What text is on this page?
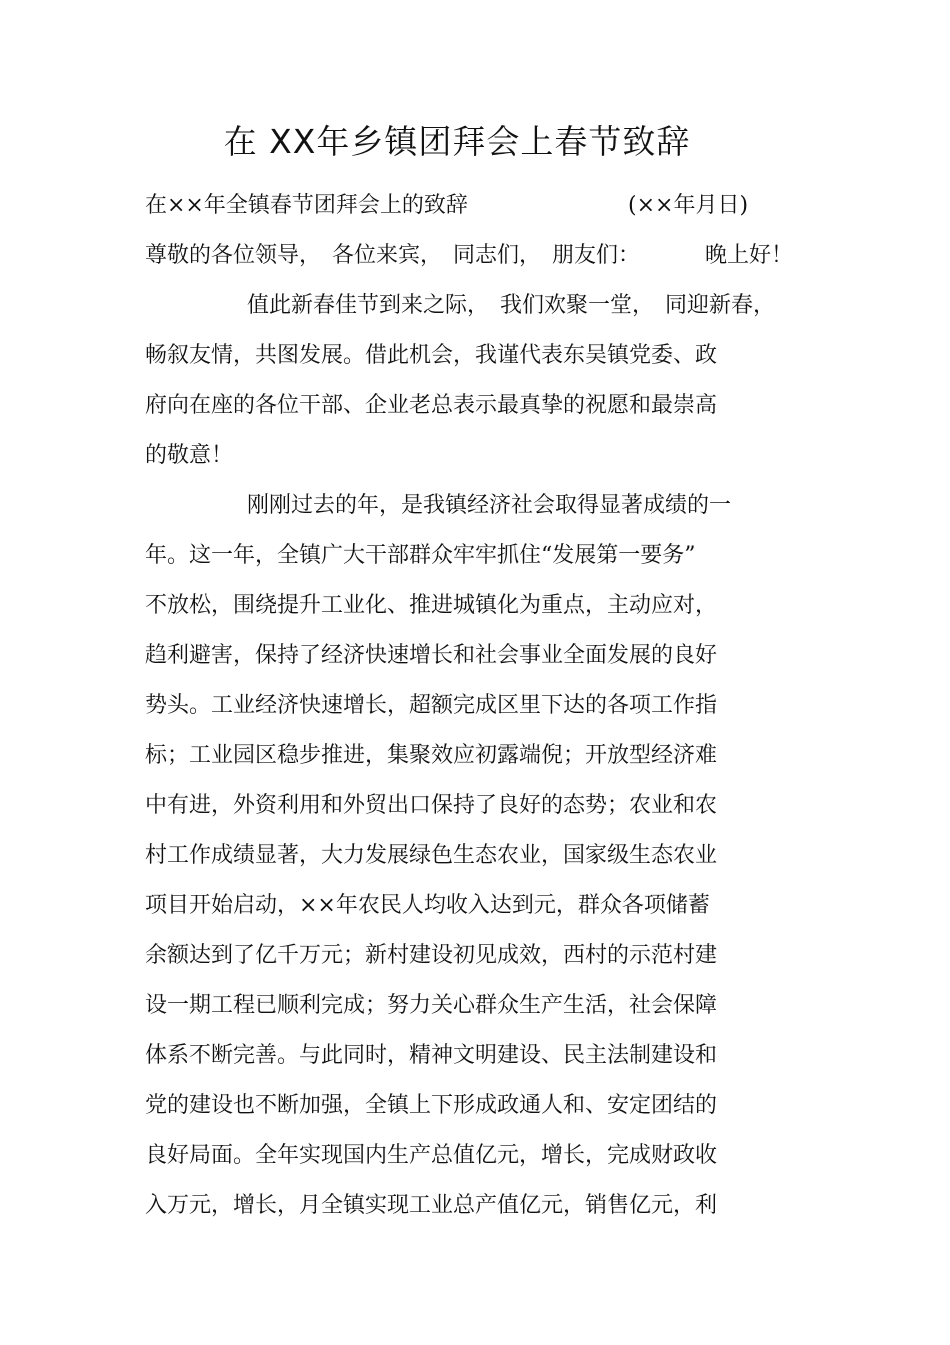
在 XX年乡镇团拜会上春节致辞
在××年全镇春节团拜会上的致辞	(××年月日)
尊敬的各位领导，　各位来宾，　同志们，　朋友们：	晚上好！
值此新春佳节到来之际，　我们欢聚一堂，　同迎新春，
畅叙友情，共图发展。借此机会，我谨代表东吴镇党委、政
府向在座的各位干部、企业老总表示最真挚的祝愿和最崇高
的敬意！
刚刚过去的年，是我镇经济社会取得显著成绩的一
年。这一年，全镇广大干部群众牢牢抓住“发展第一要务”
不放松，围绕提升工业化、推进城镇化为重点，主动应对，
趋利避害，保持了经济快速增长和社会事业全面发展的良好
势头。工业经济快速增长，超额完成区里下达的各项工作指
标；工业园区稳步推进，集聚效应初露端倪；开放型经济难
中有进，外资利用和外贸出口保持了良好的态势；农业和农
村工作成绩显著，大力发展绿色生态农业，国家级生态农业
项目开始启动，××年农民人均收入达到元，群众各项储蓄
余额达到了亿千万元；新村建设初见成效，西村的示范村建
设一期工程已顺利完成；努力关心群众生产生活，社会保障
体系不断完善。与此同时，精神文明建设、民主法制建设和
党的建设也不断加强，全镇上下形成政通人和、安定团结的
良好局面。全年实现国内生产总值亿元，增长，完成财政收
入万元，增长，月全镇实现工业总产值亿元，销售亿元，利
